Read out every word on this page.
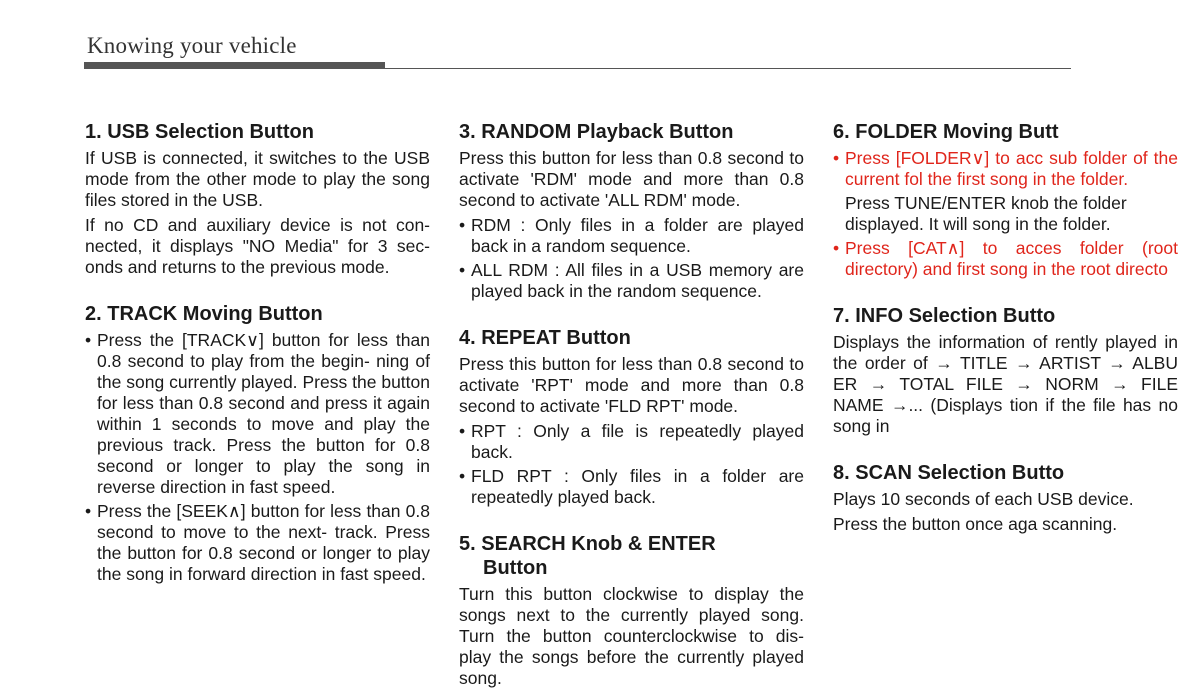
Knowing your vehicle
1. USB Selection Button

If USB is connected, it switches to the USB mode from the other mode to play the song files stored in the USB.

If no CD and auxiliary device is not con- nected, it displays "NO Media" for 3 sec- onds and returns to the previous mode.

2. TRACK Moving Button
• Press the [TRACK∨] button for less than 0.8 second to play from the begin- ning of the song currently played. Press the button for less than 0.8 second and press it again within 1 seconds to move and play the previous track. Press the button for 0.8 second or longer to play the song in reverse direction in fast speed.
• Press the [SEEK∧] button for less than 0.8 second to move to the next- track. Press the button for 0.8 second or longer to play the song in forward direction in fast speed.
3. RANDOM Playback Button

Press this button for less than 0.8 second to activate 'RDM' mode and more than 0.8 second to activate 'ALL RDM' mode.

• RDM : Only files in a folder are played back in a random sequence.
• ALL RDM : All files in a USB memory are played back in the random sequence.
4. REPEAT Button

Press this button for less than 0.8 second to activate 'RPT' mode and more than 0.8 second to activate 'FLD RPT' mode.

• RPT : Only a file is repeatedly played back.
• FLD RPT : Only files in a folder are repeatedly played back.
5. SEARCH Knob & ENTER
Button

Turn this button clockwise to display the songs next to the currently played song. Turn the button counterclockwise to dis- play the songs before the currently played song.

6. FOLDER Moving Butt
• Press [FOLDER∨] to acc sub folder of the current fol the first song in the folder.
Press TUNE/ENTER knob the folder displayed. It will song in the folder.
• Press [CAT∧] to acces folder (root directory) and first song in the root directo
7. INFO Selection Butto

Displays the information of rently played in the order of → TITLE → ARTIST → ALBU ER → TOTAL FILE → NORM → FILE NAME →... (Displays tion if the file has no song in

8. SCAN Selection Butto

Plays 10 seconds of each USB device.

Press the button once aga scanning.
